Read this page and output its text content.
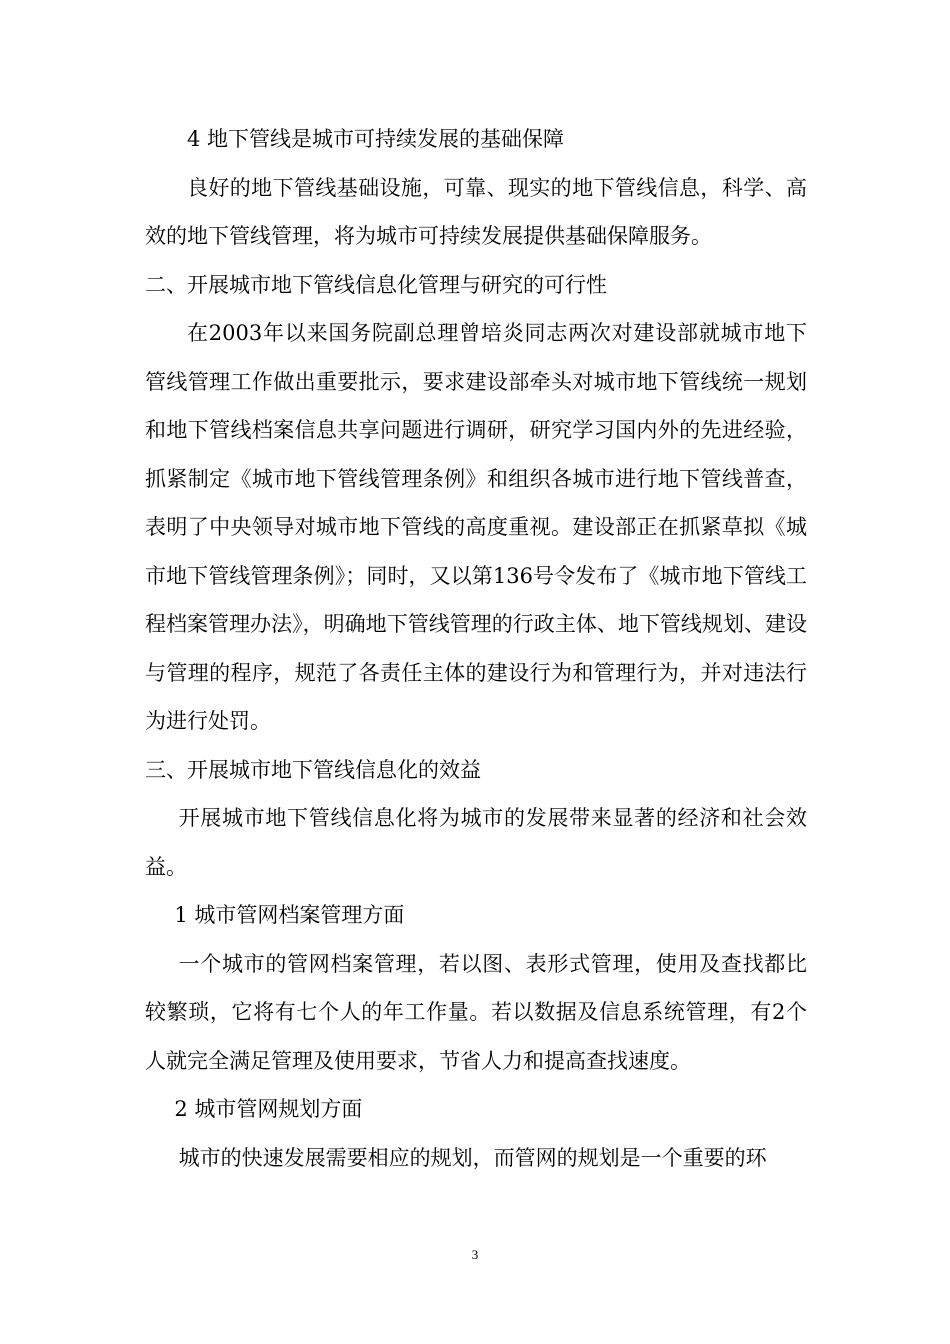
4 地下管线是城市可持续发展的基础保障

良好的地下管线基础设施，可靠、现实的地下管线信息，科学、高效的地下管线管理，将为城市可持续发展提供基础保障服务。

二、开展城市地下管线信息化管理与研究的可行性

在2003年以来国务院副总理曾培炎同志两次对建设部就城市地下管线管理工作做出重要批示，要求建设部牵头对城市地下管线统一规划和地下管线档案信息共享问题进行调研，研究学习国内外的先进经验，抓紧制定《城市地下管线管理条例》和组织各城市进行地下管线普查，表明了中央领导对城市地下管线的高度重视。建设部正在抓紧草拟《城市地下管线管理条例》；同时，又以第136号令发布了《城市地下管线工程档案管理办法》，明确地下管线管理的行政主体、地下管线规划、建设与管理的程序，规范了各责任主体的建设行为和管理行为，并对违法行为进行处罚。

三、开展城市地下管线信息化的效益

开展城市地下管线信息化将为城市的发展带来显著的经济和社会效益。

1 城市管网档案管理方面

一个城市的管网档案管理，若以图、表形式管理，使用及查找都比较繁琐，它将有七个人的年工作量。若以数据及信息系统管理，有2个人就完全满足管理及使用要求，节省人力和提高查找速度。

2 城市管网规划方面

城市的快速发展需要相应的规划，而管网的规划是一个重要的环

3
